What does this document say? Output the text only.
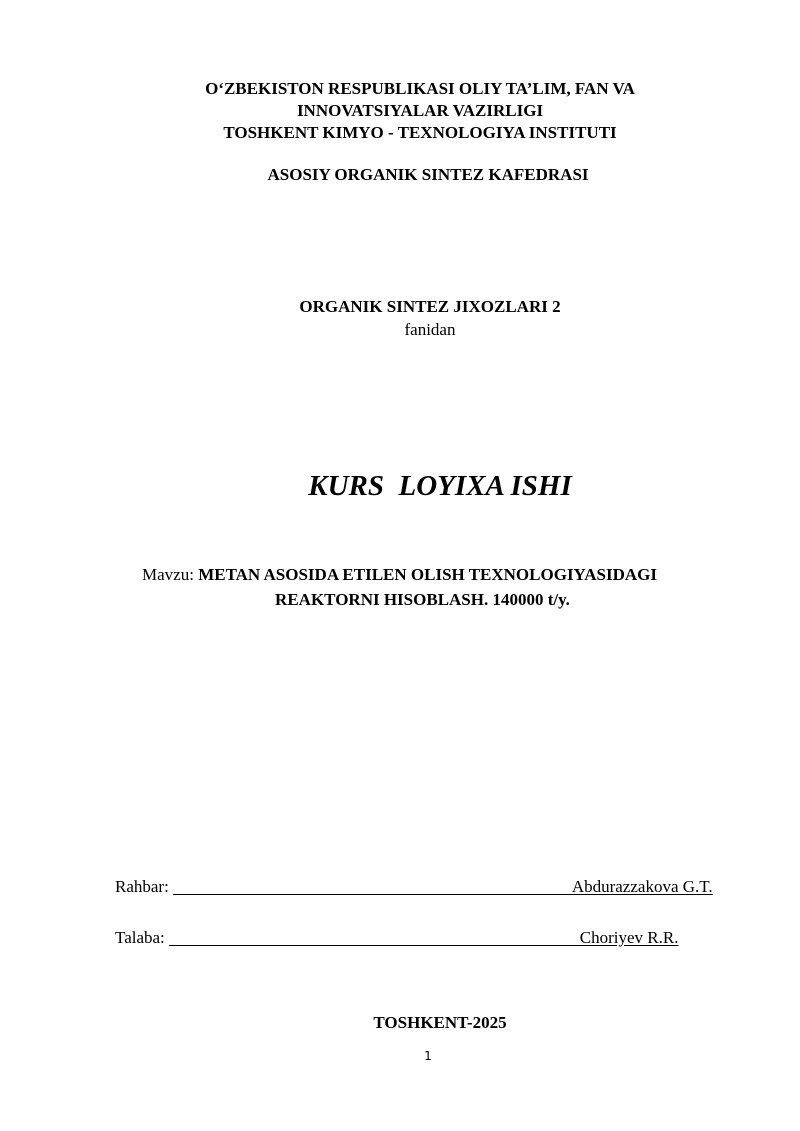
O‘ZBEKISTON RESPUBLIKASI OLIY TA’LIM, FAN VA
INNOVATSIYALAR VAZIRLIGI
TOSHKENT KIMYO - TEXNOLOGIYA INSTITUTI
ASOSIY ORGANIK SINTEZ KAFEDRASI
ORGANIK SINTEZ JIXOZLARI 2
fanidan
KURS  LOYIXA ISHI
Mavzu: METAN ASOSIDA ETILEN OLISH TEXNOLOGIYASIDAGI
REAKTORNI HISOBLASH. 140000 t/y.
Rahbar:	Abdurazzakova G.T.
Talaba:	Choriyev R.R.
TOSHKENT-2025
1
